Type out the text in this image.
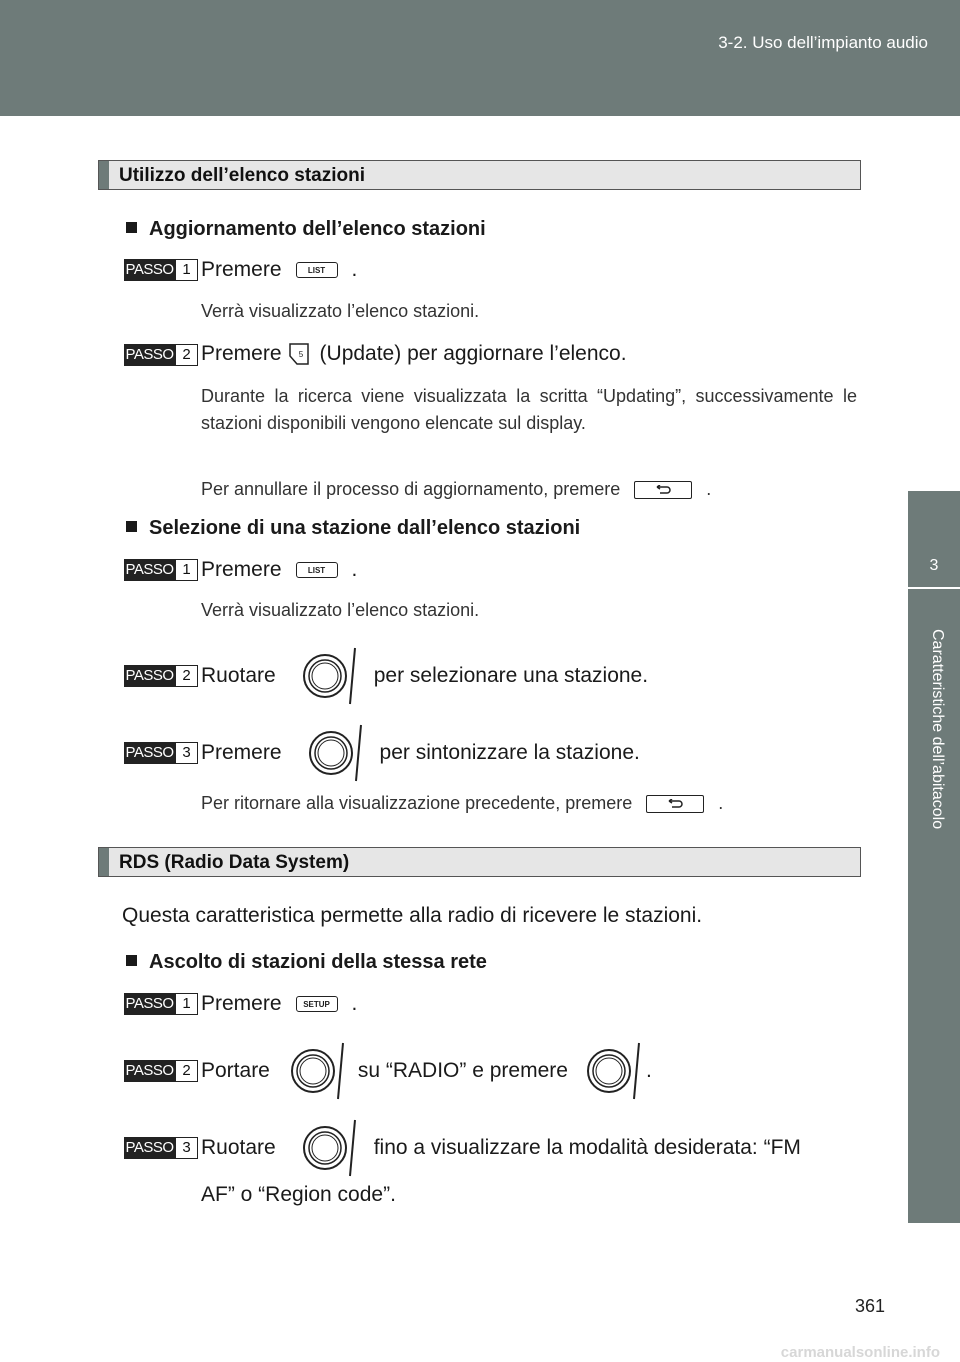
3-2. Uso dell’impianto audio
3
Caratteristiche dell’abitacolo
Utilizzo dell’elenco stazioni
Aggiornamento dell’elenco stazioni
PASSO 1 Premere	LIST	.
Verrà visualizzato l’elenco stazioni.
PASSO 2 Premere 5 (Update) per aggiornare l’elenco.
Durante la ricerca viene visualizzata la scritta “Updating”, successivamente le stazioni disponibili vengono elencate sul display.
Per annullare il processo di aggiornamento, premere	.
Selezione di una stazione dall’elenco stazioni
PASSO 1 Premere	LIST	.
Verrà visualizzato l’elenco stazioni.
PASSO 2 Ruotare	per selezionare una stazione.
PASSO 3 Premere	per sintonizzare la stazione.
Per ritornare alla visualizzazione precedente, premere	.
RDS (Radio Data System)
Questa caratteristica permette alla radio di ricevere le stazioni.
Ascolto di stazioni della stessa rete
PASSO 1 Premere	SETUP	.
PASSO 2 Portare	su “RADIO” e premere	.
PASSO 3 Ruotare	fino a visualizzare la modalità desiderata: “FM
AF” o “Region code”.
361
carmanualsonline.info
